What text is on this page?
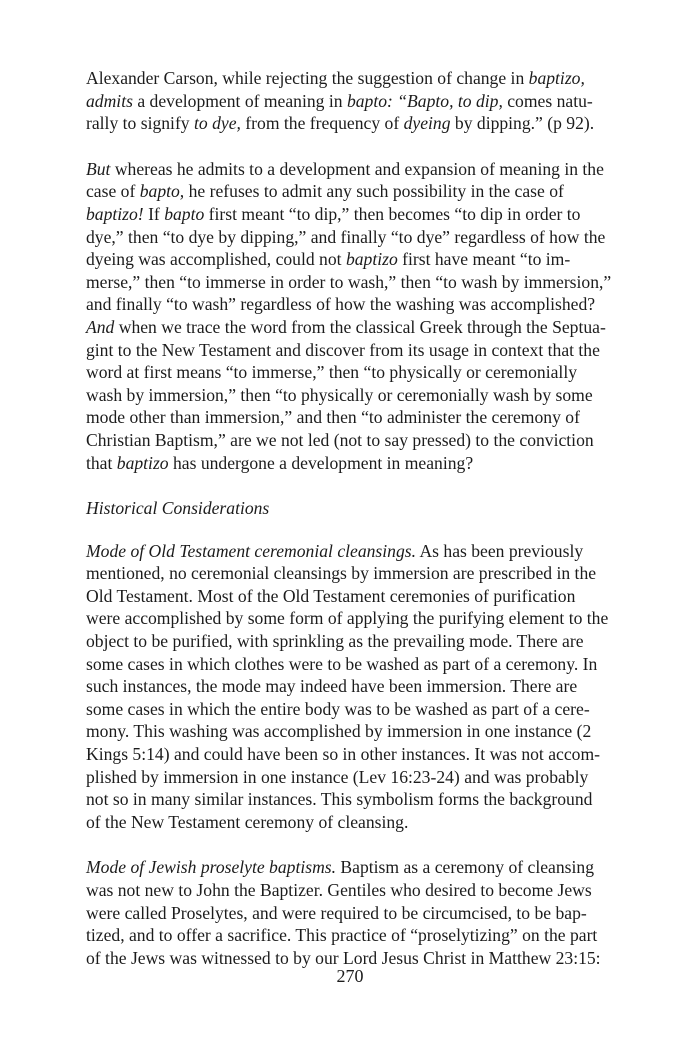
Alexander Carson, while rejecting the suggestion of change in baptizo,
admits a development of meaning in bapto: “Bapto, to dip, comes natu-
rally to signify to dye, from the frequency of dyeing by dipping.” (p 92).

But whereas he admits to a development and expansion of meaning in the
case of bapto, he refuses to admit any such possibility in the case of
baptizo! If bapto first meant “to dip,” then becomes “to dip in order to
dye,” then “to dye by dipping,” and finally “to dye” regardless of how the
dyeing was accomplished, could not baptizo first have meant “to im-
merse,” then “to immerse in order to wash,” then “to wash by immersion,”
and finally “to wash” regardless of how the washing was accomplished?
And when we trace the word from the classical Greek through the Septua-
gint to the New Testament and discover from its usage in context that the
word at first means “to immerse,” then “to physically or ceremonially
wash by immersion,” then “to physically or ceremonially wash by some
mode other than immersion,” and then “to administer the ceremony of
Christian Baptism,” are we not led (not to say pressed) to the conviction
that baptizo has undergone a development in meaning?

Historical Considerations

Mode of Old Testament ceremonial cleansings. As has been previously
mentioned, no ceremonial cleansings by immersion are prescribed in the
Old Testament. Most of the Old Testament ceremonies of purification
were accomplished by some form of applying the purifying element to the
object to be purified, with sprinkling as the prevailing mode. There are
some cases in which clothes were to be washed as part of a ceremony. In
such instances, the mode may indeed have been immersion. There are
some cases in which the entire body was to be washed as part of a cere-
mony. This washing was accomplished by immersion in one instance (2
Kings 5:14) and could have been so in other instances. It was not accom-
plished by immersion in one instance (Lev 16:23-24) and was probably
not so in many similar instances. This symbolism forms the background
of the New Testament ceremony of cleansing.

Mode of Jewish proselyte baptisms. Baptism as a ceremony of cleansing
was not new to John the Baptizer. Gentiles who desired to become Jews
were called Proselytes, and were required to be circumcised, to be bap-
tized, and to offer a sacrifice. This practice of “proselytizing” on the part
of the Jews was witnessed to by our Lord Jesus Christ in Matthew 23:15:

270
